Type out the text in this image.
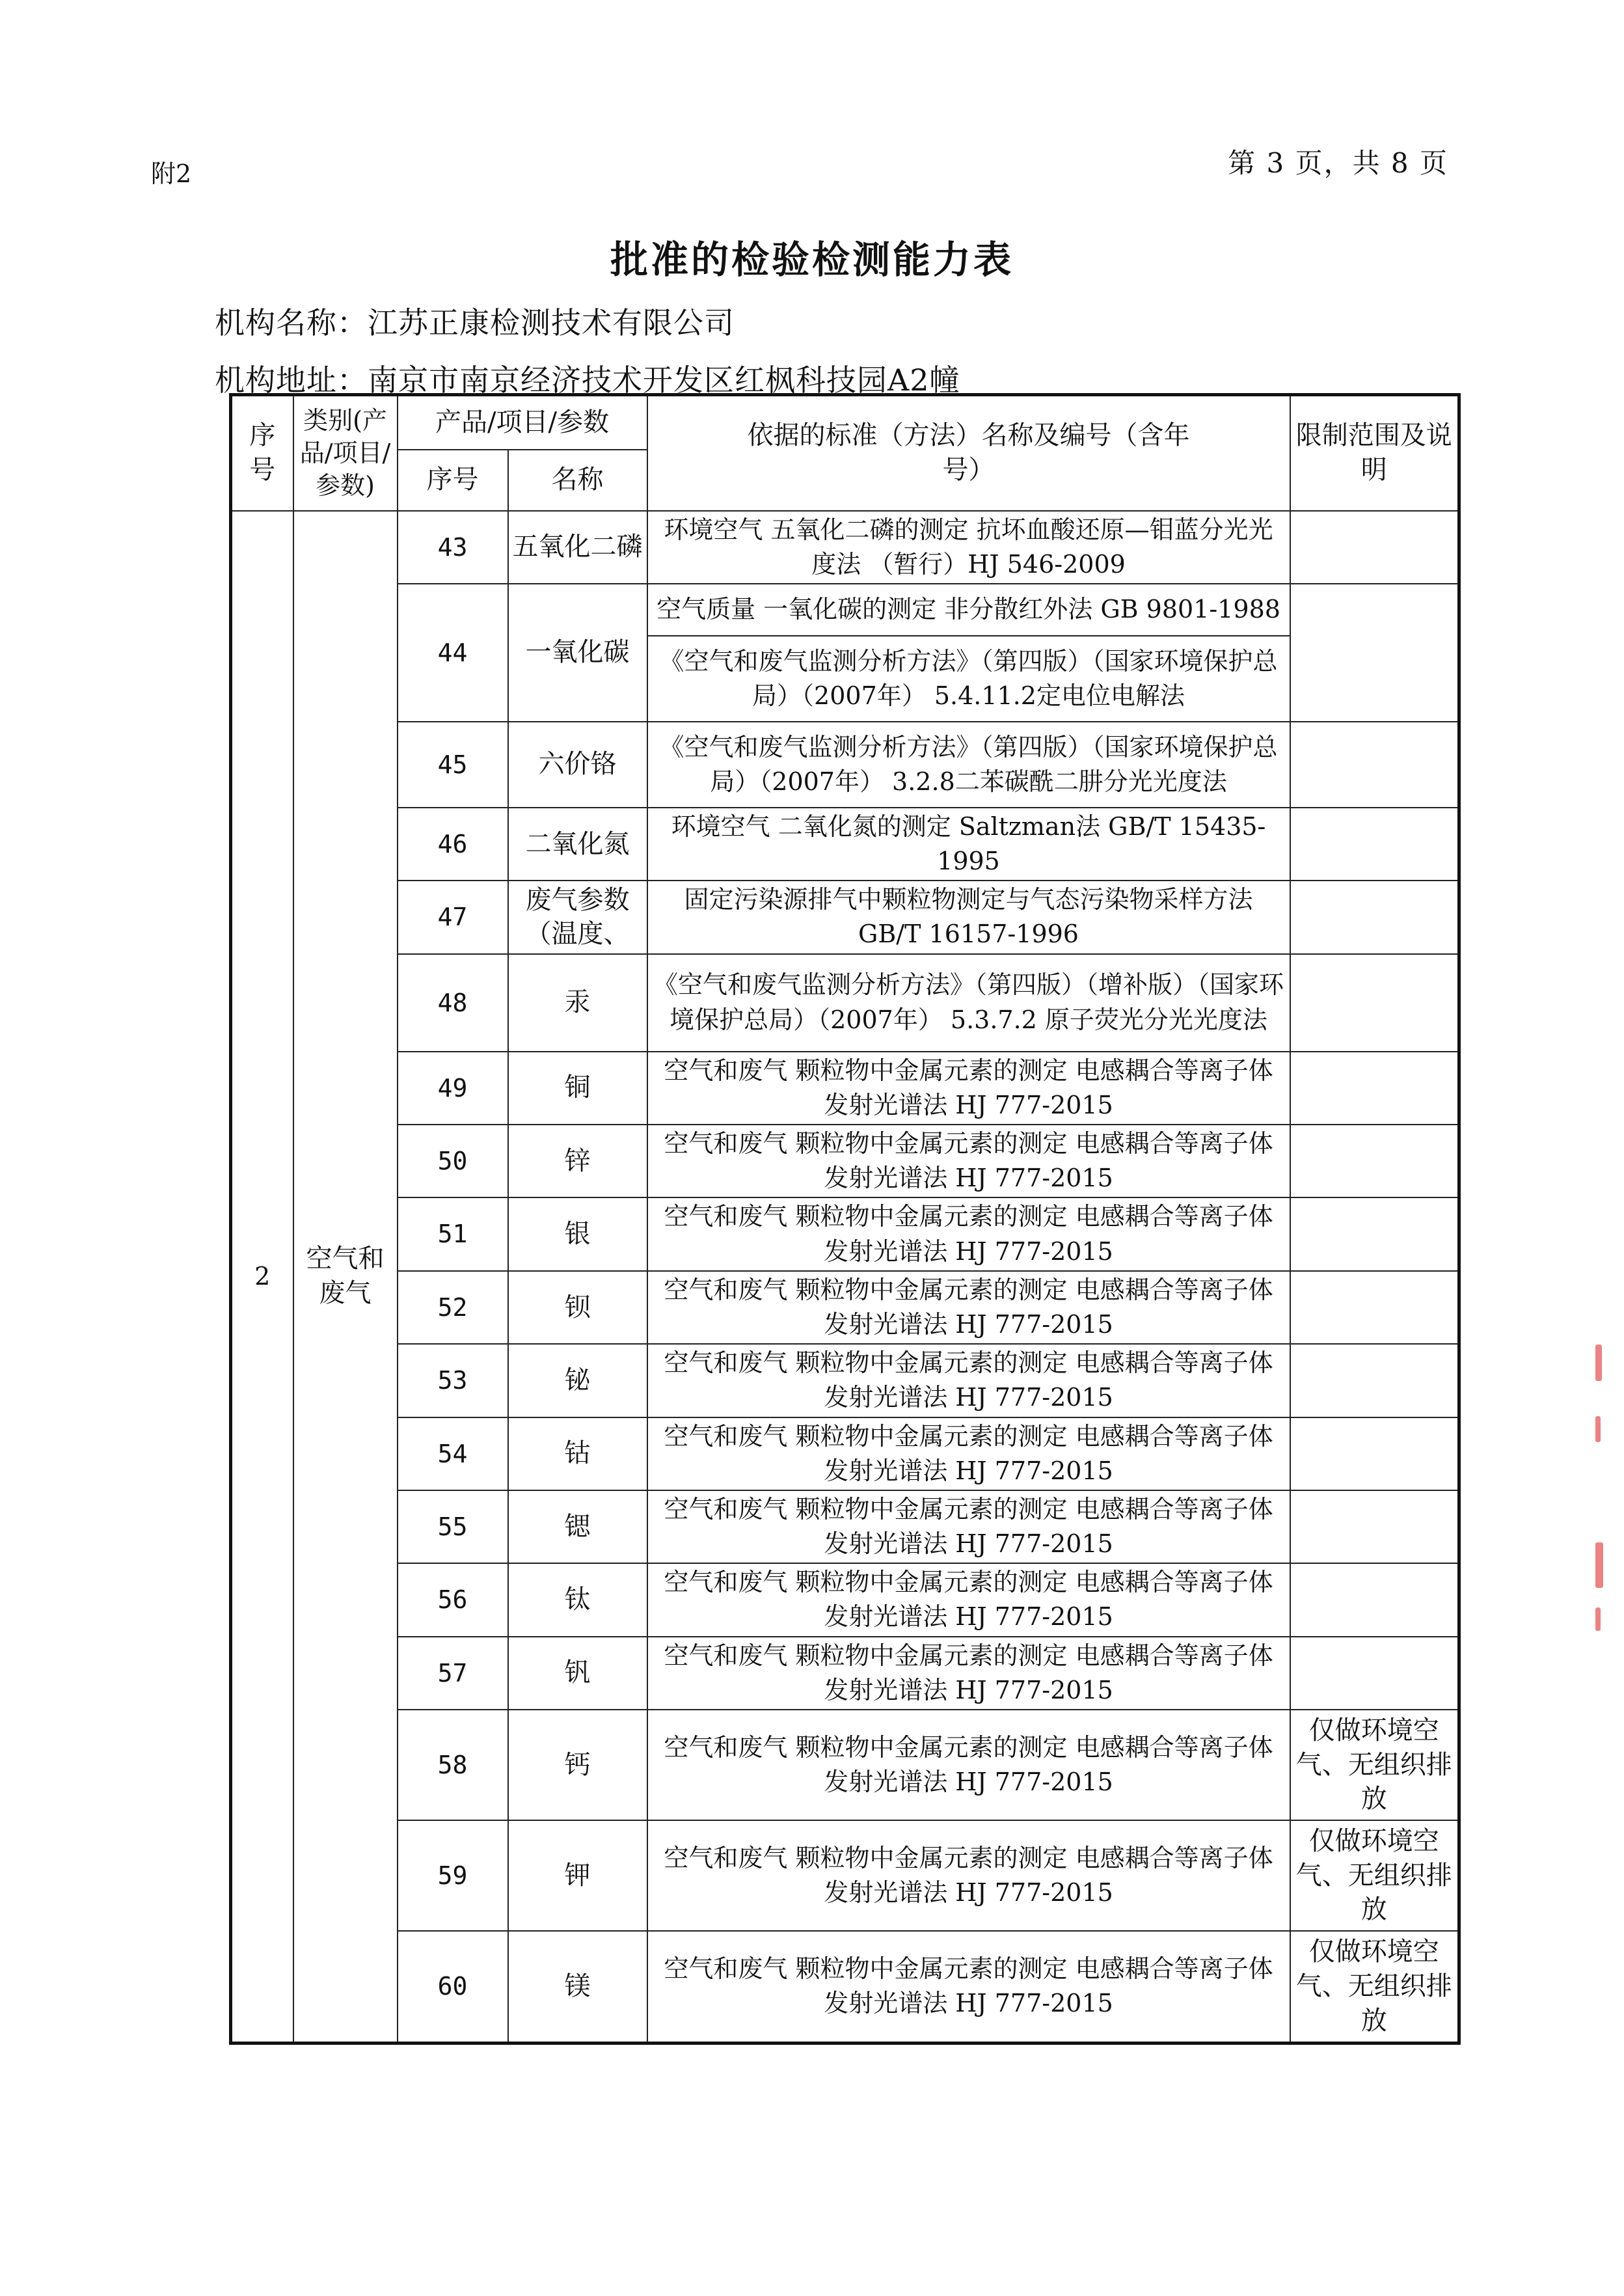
附2	第 3 页，共 8 页
批准的检验检测能力表
机构名称：江苏正康检测技术有限公司
机构地址：南京市南京经济技术开发区红枫科技园A2幢
序号	类别(产品/项目/参数)	产品/项目/参数		依据的标准（方法）名称及编号（含年号）	限制范围及说明
		序号	名称		
2	空气和废气	43	五氧化二磷	环境空气 五氧化二磷的测定 抗坏血酸还原—钼蓝分光光度法 （暂行）HJ 546-2009	
		44	一氧化碳	空气质量 一氧化碳的测定 非分散红外法 GB 9801-1988	
				《空气和废气监测分析方法》（第四版）（国家环境保护总局）（2007年） 5.4.11.2定电位电解法	
		45	六价铬	《空气和废气监测分析方法》（第四版）（国家环境保护总局）（2007年） 3.2.8二苯碳酰二肼分光光度法	
		46	二氧化氮	环境空气 二氧化氮的测定 Saltzman法 GB/T 15435-1995	
		47	废气参数（温度、	固定污染源排气中颗粒物测定与气态污染物采样方法 GB/T 16157-1996	
		48	汞	《空气和废气监测分析方法》（第四版）（增补版）（国家环境保护总局）（2007年） 5.3.7.2 原子荧光分光光度法	
		49	铜	空气和废气 颗粒物中金属元素的测定 电感耦合等离子体发射光谱法 HJ 777-2015	
		50	锌	空气和废气 颗粒物中金属元素的测定 电感耦合等离子体发射光谱法 HJ 777-2015	
		51	银	空气和废气 颗粒物中金属元素的测定 电感耦合等离子体发射光谱法 HJ 777-2015	
		52	钡	空气和废气 颗粒物中金属元素的测定 电感耦合等离子体发射光谱法 HJ 777-2015	
		53	铋	空气和废气 颗粒物中金属元素的测定 电感耦合等离子体发射光谱法 HJ 777-2015	
		54	钴	空气和废气 颗粒物中金属元素的测定 电感耦合等离子体发射光谱法 HJ 777-2015	
		55	锶	空气和废气 颗粒物中金属元素的测定 电感耦合等离子体发射光谱法 HJ 777-2015	
		56	钛	空气和废气 颗粒物中金属元素的测定 电感耦合等离子体发射光谱法 HJ 777-2015	
		57	钒	空气和废气 颗粒物中金属元素的测定 电感耦合等离子体发射光谱法 HJ 777-2015	
		58	钙	空气和废气 颗粒物中金属元素的测定 电感耦合等离子体发射光谱法 HJ 777-2015	仅做环境空气、无组织排放
		59	钾	空气和废气 颗粒物中金属元素的测定 电感耦合等离子体发射光谱法 HJ 777-2015	仅做环境空气、无组织排放
		60	镁	空气和废气 颗粒物中金属元素的测定 电感耦合等离子体发射光谱法 HJ 777-2015	仅做环境空气、无组织排放
